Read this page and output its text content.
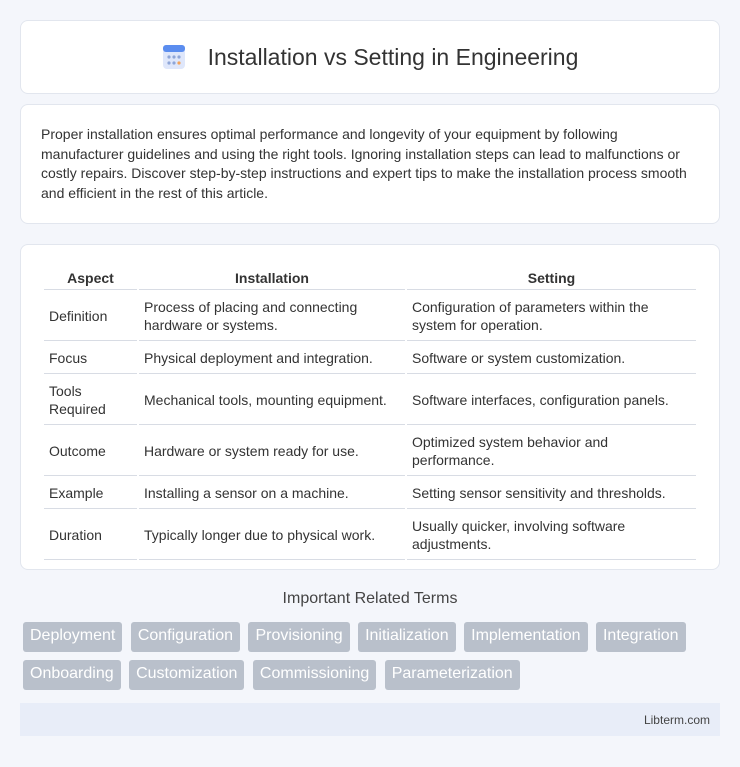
Installation vs Setting in Engineering

Proper installation ensures optimal performance and longevity of your equipment by following manufacturer guidelines and using the right tools. Ignoring installation steps can lead to malfunctions or costly repairs. Discover step-by-step instructions and expert tips to make the installation process smooth and efficient in the rest of this article.

Aspect	Installation	Setting
Definition	Process of placing and connecting hardware or systems.	Configuration of parameters within the system for operation.
Focus	Physical deployment and integration.	Software or system customization.
Tools Required	Mechanical tools, mounting equipment.	Software interfaces, configuration panels.
Outcome	Hardware or system ready for use.	Optimized system behavior and performance.
Example	Installing a sensor on a machine.	Setting sensor sensitivity and thresholds.
Duration	Typically longer due to physical work.	Usually quicker, involving software adjustments.
Important Related Terms
Deployment Configuration Provisioning Initialization Implementation Integration
Onboarding Customization Commissioning Parameterization
Libterm.com
